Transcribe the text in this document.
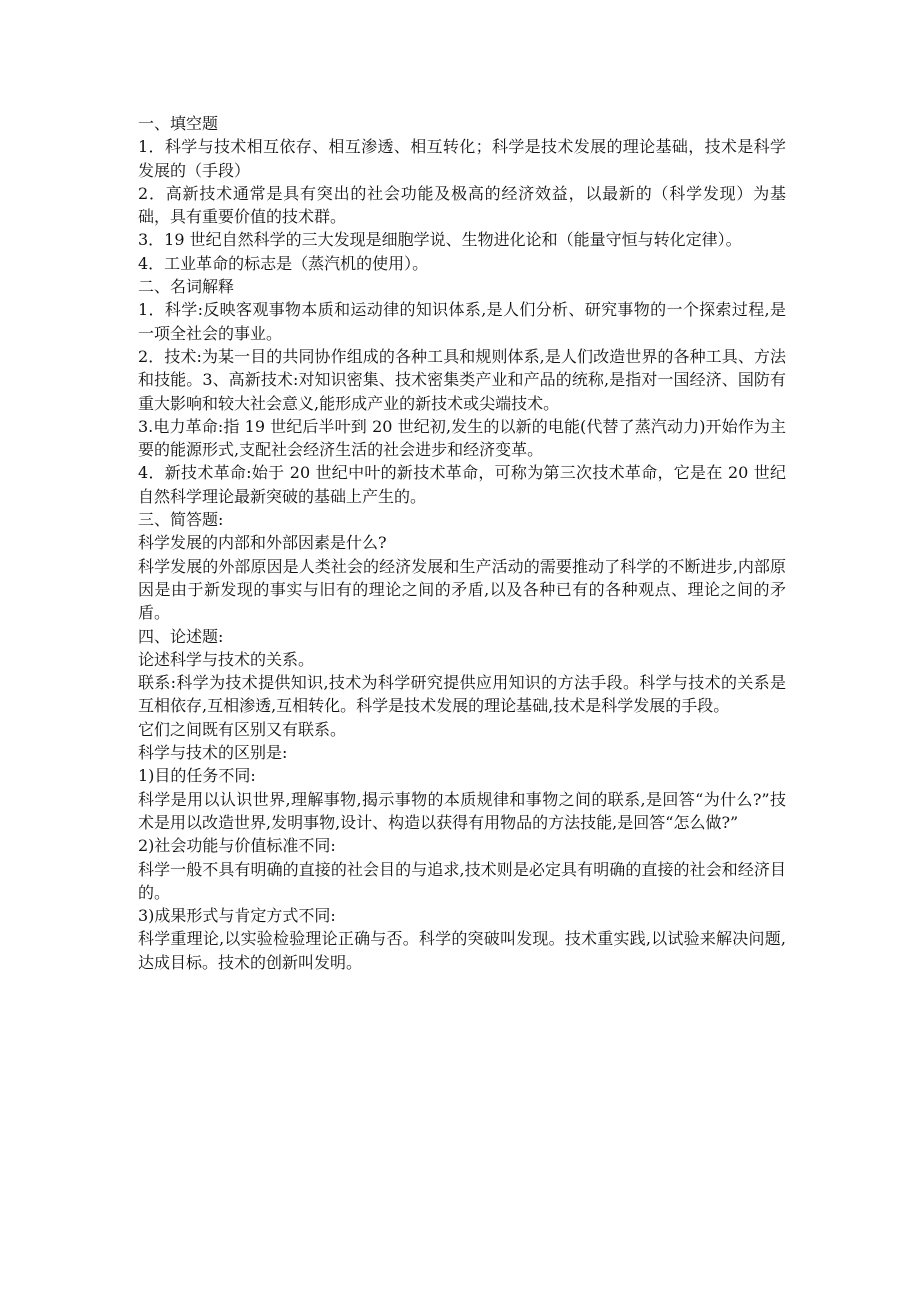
一、填空题

1．科学与技术相互依存、相互渗透、相互转化；科学是技术发展的理论基础，技术是科学发展的（手段）

2．高新技术通常是具有突出的社会功能及极高的经济效益，以最新的（科学发现）为基础，具有重要价值的技术群。

3．19 世纪自然科学的三大发现是细胞学说、生物进化论和（能量守恒与转化定律）。

4．工业革命的标志是（蒸汽机的使用）。

二、名词解释

1．科学:反映客观事物本质和运动律的知识体系,是人们分析、研究事物的一个探索过程,是一项全社会的事业。

2．技术:为某一目的共同协作组成的各种工具和规则体系,是人们改造世界的各种工具、方法和技能。3、高新技术:对知识密集、技术密集类产业和产品的统称,是指对一国经济、国防有重大影响和较大社会意义,能形成产业的新技术或尖端技术。

3.电力革命:指 19 世纪后半叶到 20 世纪初,发生的以新的电能(代替了蒸汽动力)开始作为主要的能源形式,支配社会经济生活的社会进步和经济变革。

4．新技术革命:始于 20 世纪中叶的新技术革命，可称为第三次技术革命，它是在 20 世纪自然科学理论最新突破的基础上产生的。

三、简答题:

科学发展的内部和外部因素是什么?

科学发展的外部原因是人类社会的经济发展和生产活动的需要推动了科学的不断进步,内部原因是由于新发现的事实与旧有的理论之间的矛盾,以及各种已有的各种观点、理论之间的矛盾。

四、论述题:

论述科学与技术的关系。

联系:科学为技术提供知识,技术为科学研究提供应用知识的方法手段。科学与技术的关系是互相依存,互相渗透,互相转化。科学是技术发展的理论基础,技术是科学发展的手段。

它们之间既有区别又有联系。

科学与技术的区别是:

1)目的任务不同:

科学是用以认识世界,理解事物,揭示事物的本质规律和事物之间的联系,是回答“为什么?”技术是用以改造世界,发明事物,设计、构造以获得有用物品的方法技能,是回答“怎么做?”

2)社会功能与价值标准不同:

科学一般不具有明确的直接的社会目的与追求,技术则是必定具有明确的直接的社会和经济目的。

3)成果形式与肯定方式不同:

科学重理论,以实验检验理论正确与否。科学的突破叫发现。技术重实践,以试验来解决问题,达成目标。技术的创新叫发明。
